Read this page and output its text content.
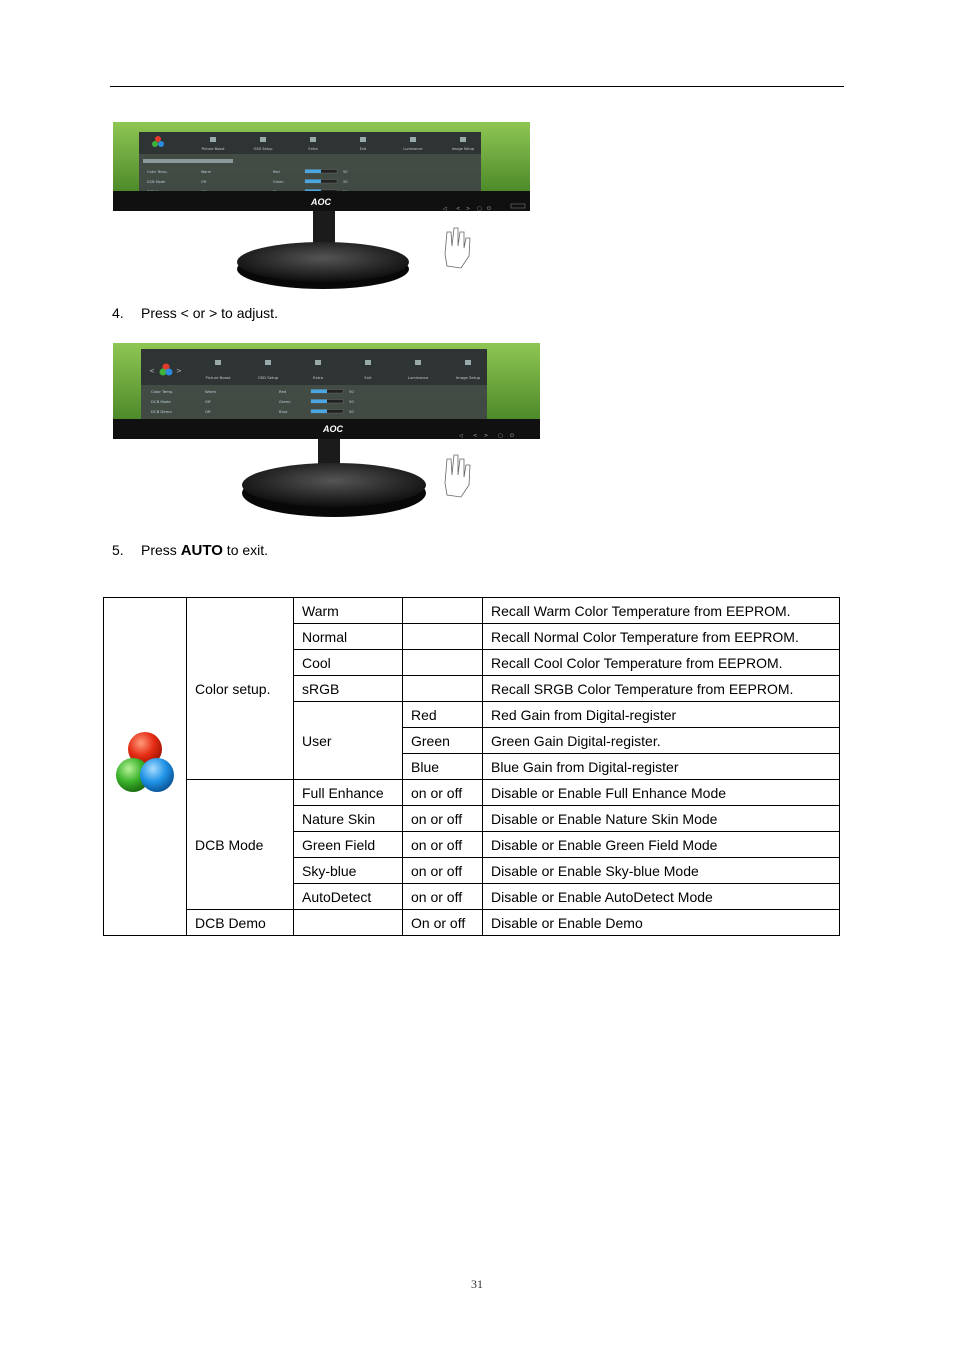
Picture Boost	OSD Setup	Extra	Exit	Luminance	Image Setup
Color Temp.	Warm
DCB Mode	Off
Red	50
Green	50
AOC
◁ < > ▢ ⏻
4. Press < or > to adjust.
<	>
Picture Boost	OSD Setup	Extra	Exit	Luminance	Image Setup
Color Temp.	Warm
DCB Mode	Off
DCB Demo	Off
Red	50
Green	50
Blue	50
AOC
◁ < > ▢ ⏻
5. Press AUTO to exit.
	Color setup.	Warm		Recall Warm Color Temperature from EEPROM.
		Normal		Recall Normal Color Temperature from EEPROM.
		Cool		Recall Cool Color Temperature from EEPROM.
		sRGB		Recall SRGB Color Temperature from EEPROM.
		User	Red	Red Gain from Digital-register
			Green	Green Gain Digital-register.
			Blue	Blue Gain from Digital-register
	DCB Mode	Full Enhance	on or off	Disable or Enable Full Enhance Mode
		Nature Skin	on or off	Disable or Enable Nature Skin Mode
		Green Field	on or off	Disable or Enable Green Field Mode
		Sky-blue	on or off	Disable or Enable Sky-blue Mode
		AutoDetect	on or off	Disable or Enable AutoDetect Mode
	DCB Demo		On or off	Disable or Enable Demo
31
